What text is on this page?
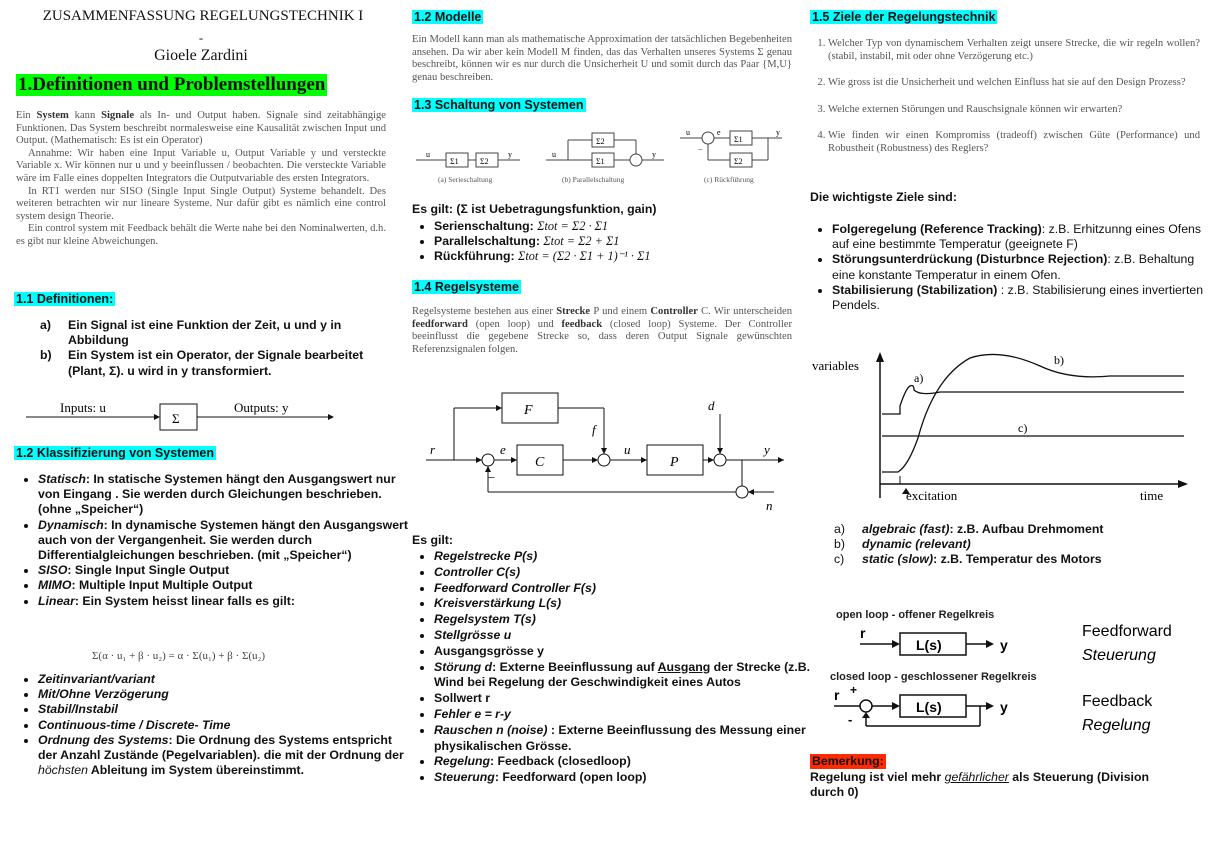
ZUSAMMENFASSUNG REGELUNGSTECHNIK I
-
Gioele Zardini
1.Definitionen und Problemstellungen
Ein System kann Signale als In- und Output haben. Signale sind zeitabhängige Funktionen. Das System beschreibt normalesweise eine Kausalität zwischen Input und Output. (Mathematisch: Es ist ein Operator)
Annahme: Wir haben eine Input Variable u, Output Variable y und versteckte Variable x. Wir können nur u und y beeinflussen / beobachten. Die versteckte Variable wäre im Falle eines doppelten Integrators die Outputvariable des ersten Integrators.
In RT1 werden nur SISO (Single Input Single Output) Systeme behandelt. Des weiteren betrachten wir nur lineare Systeme. Nur dafür gibt es nämlich eine control system design Theorie.
Ein control system mit Feedback behält die Werte nahe bei den Nominalwerten, d.h. es gibt nur kleine Abweichungen.
1.1 Definitionen:
a) Ein Signal ist eine Funktion der Zeit, u und y in Abbildung
b) Ein System ist ein Operator, der Signale bearbeitet (Plant, Σ). u wird in y transformiert.
Inputs: u
Σ
Outputs: y
1.2 Klassifizierung von Systemen
• Statisch: In statische Systemen hängt den Ausgangswert nur von Eingang . Sie werden durch Gleichungen beschrieben. (ohne „Speicher“)
• Dynamisch: In dynamische Systemen hängt den Ausgangswert auch von der Vergangenheit. Sie werden durch Differentialgleichungen beschrieben. (mit „Speicher“)
• SISO: Single Input Single Output
• MIMO: Multiple Input Multiple Output
• Linear: Ein System heisst linear falls es gilt:
Σ(α · u₁ + β · u₂) = α · Σ(u₁) + β · Σ(u₂)
• Zeitinvariant/variant
• Mit/Ohne Verzögerung
• Stabil/Instabil
• Continuous-time / Discrete- Time
• Ordnung des Systems: Die Ordnung des Systems entspricht der Anzahl Zustände (Pegelvariablen). die mit der Ordnung der höchsten Ableitung im System übereinstimmt.
1.2 Modelle
Ein Modell kann man als mathematische Approximation der tatsächlichen Begebenheiten ansehen. Da wir aber kein Modell M finden, das das Verhalten unseres Systems Σ genau beschreibt, können wir es nur durch die Unsicherheit U und somit durch das Paar {M,U} genau beschreiben.
1.3 Schaltung von Systemen
Σ1	Σ2
u	y
(a) Serieschaltung
Σ2
Σ1
u	y
(b) Parallelschaltung
Σ1
Σ2
u	e	y
−
(c) Rückführung
Es gilt: (Σ ist Uebetragungsfunktion, gain)
• Serienschaltung: Σtot = Σ2 · Σ1
• Parallelschaltung: Σtot = Σ2 + Σ1
• Rückführung: Σtot = (Σ2 · Σ1 + 1)⁻¹ · Σ1
1.4 Regelsysteme
Regelsysteme bestehen aus einer Strecke P und einem Controller C. Wir unterscheiden feedforward (open loop) und feedback (closed loop) Systeme. Der Controller beeinflusst die gegebene Strecke so, dass deren Output Signale gewünschten Referenzsignalen folgen.
F
C	P
r	e	u	y
d
f
n
−
Es gilt:
• Regelstrecke P(s)
• Controller C(s)
• Feedforward Controller F(s)
• Kreisverstärkung L(s)
• Regelsystem T(s)
• Stellgrösse u
• Ausgangsgrösse y
• Störung d: Externe Beeinflussung auf Ausgang der Strecke (z.B. Wind bei Regelung der Geschwindigkeit eines Autos
• Sollwert r
• Fehler e = r-y
• Rauschen n (noise) : Externe Beeinflussung des Messung einer physikalischen Grösse.
• Regelung: Feedback (closedloop)
• Steuerung: Feedforward (open loop)
1.5 Ziele der Regelungstechnik
1. Welcher Typ von dynamischem Verhalten zeigt unsere Strecke, die wir regeln wollen? (stabil, instabil, mit oder ohne Verzögerung etc.)
2. Wie gross ist die Unsicherheit und welchen Einfluss hat sie auf den Design Prozess?
3. Welche externen Störungen und Rauschsignale können wir erwarten?
4. Wie finden wir einen Kompromiss (tradeoff) zwischen Güte (Performance) und Robustheit (Robustness) des Reglers?
Die wichtigste Ziele sind:
• Folgeregelung (Reference Tracking): z.B. Erhitzunng eines Ofens auf eine bestimmte Temperatur (geeignete F)
• Störungsunterdrückung (Disturbnce Rejection): z.B. Behaltung eine konstante Temperatur in einem Ofen.
• Stabilisierung (Stabilization) : z.B. Stabilisierung eines invertierten Pendels.
variables
a)
b)
c)
excitation	time
a) algebraic (fast): z.B. Aufbau Drehmoment
b) dynamic (relevant)
c) static (slow): z.B. Temperatur des Motors
open loop - offener Regelkreis
r
L(s)	y
Feedforward
Steuerung
closed loop - geschlossener Regelkreis
r +
L(s)	y
-
Feedback
Regelung
Bemerkung:
Regelung ist viel mehr gefährlicher als Steuerung (Division durch 0)
